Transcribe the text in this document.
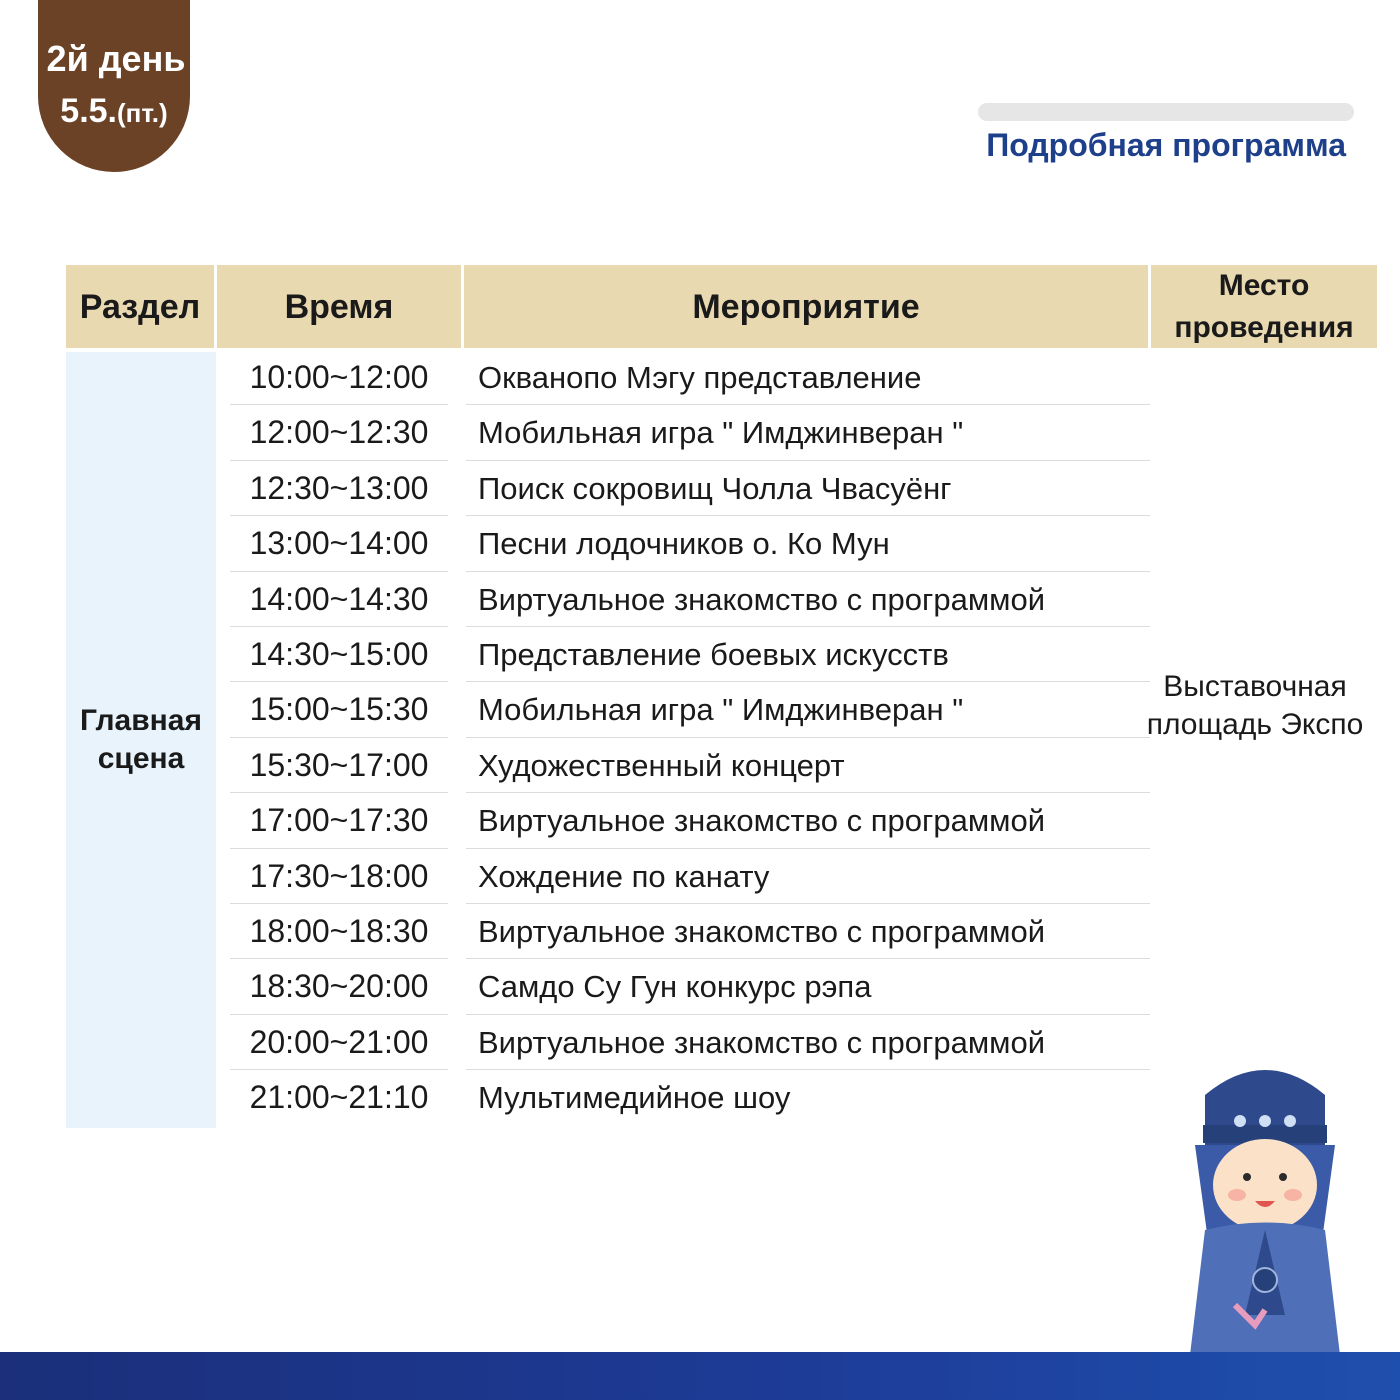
2й день
5.5.(пт.)
Подробная программа
Раздел	Время	Мероприятие
Место проведения
Главная сцена
10:00~12:00	Окванопо Мэгу представление
12:00~12:30	Мобильная игра " Имджинверан "
12:30~13:00	Поиск сокровищ Чолла Чвасуёнг
13:00~14:00	Песни лодочников о. Ко Мун
14:00~14:30	Виртуальное знакомство с программой
14:30~15:00	Представление боевых искусств
15:00~15:30	Мобильная игра " Имджинверан "
15:30~17:00	Художественный концерт
17:00~17:30	Виртуальное знакомство с программой
17:30~18:00	Хождение по канату
18:00~18:30	Виртуальное знакомство с программой
18:30~20:00	Самдо Су Гун конкурс рэпа
20:00~21:00	Виртуальное знакомство с программой
21:00~21:10	Мультимедийное шоу
Выставочная площадь Экспо
